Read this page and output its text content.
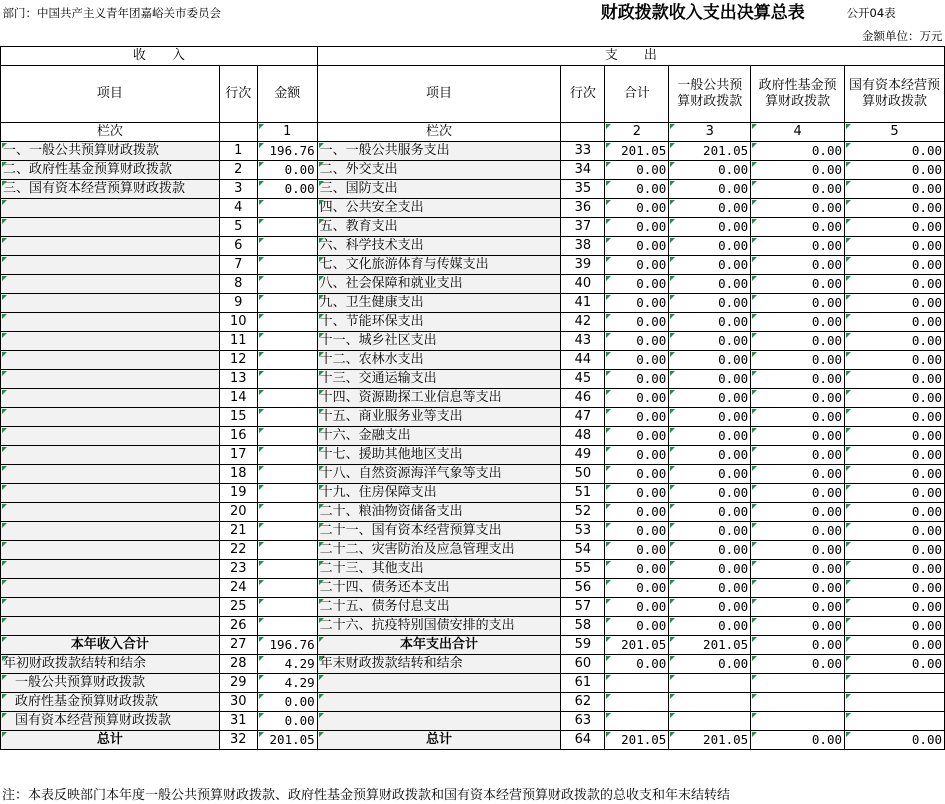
部门：中国共产主义青年团嘉峪关市委员会				财政拨款收入支出决算总表				公开04表
								金额单位：万元
收　　入			支　　出					
项目	行次	金额	项目	行次	合计	一般公共预算财政拨款	政府性基金预算财政拨款	国有资本经营预算财政拨款
栏次		1	栏次		2	3	4	5
一、一般公共预算财政拨款	1	196.76	一、一般公共服务支出	33	201.05	201.05	0.00	0.00
二、政府性基金预算财政拨款	2	0.00	二、外交支出	34	0.00	0.00	0.00	0.00
三、国有资本经营预算财政拨款	3	0.00	三、国防支出	35	0.00	0.00	0.00	0.00
	4		四、公共安全支出	36	0.00	0.00	0.00	0.00
	5		五、教育支出	37	0.00	0.00	0.00	0.00
	6		六、科学技术支出	38	0.00	0.00	0.00	0.00
	7		七、文化旅游体育与传媒支出	39	0.00	0.00	0.00	0.00
	8		八、社会保障和就业支出	40	0.00	0.00	0.00	0.00
	9		九、卫生健康支出	41	0.00	0.00	0.00	0.00
	10		十、节能环保支出	42	0.00	0.00	0.00	0.00
	11		十一、城乡社区支出	43	0.00	0.00	0.00	0.00
	12		十二、农林水支出	44	0.00	0.00	0.00	0.00
	13		十三、交通运输支出	45	0.00	0.00	0.00	0.00
	14		十四、资源勘探工业信息等支出	46	0.00	0.00	0.00	0.00
	15		十五、商业服务业等支出	47	0.00	0.00	0.00	0.00
	16		十六、金融支出	48	0.00	0.00	0.00	0.00
	17		十七、援助其他地区支出	49	0.00	0.00	0.00	0.00
	18		十八、自然资源海洋气象等支出	50	0.00	0.00	0.00	0.00
	19		十九、住房保障支出	51	0.00	0.00	0.00	0.00
	20		二十、粮油物资储备支出	52	0.00	0.00	0.00	0.00
	21		二十一、国有资本经营预算支出	53	0.00	0.00	0.00	0.00
	22		二十二、灾害防治及应急管理支出	54	0.00	0.00	0.00	0.00
	23		二十三、其他支出	55	0.00	0.00	0.00	0.00
	24		二十四、债务还本支出	56	0.00	0.00	0.00	0.00
	25		二十五、债务付息支出	57	0.00	0.00	0.00	0.00
	26		二十六、抗疫特别国债安排的支出	58	0.00	0.00	0.00	0.00
本年收入合计	27	196.76	本年支出合计	59	201.05	201.05	0.00	0.00
年初财政拨款结转和结余	28	4.29	年末财政拨款结转和结余	60	0.00	0.00	0.00	0.00
一般公共预算财政拨款	29	4.29		61				
政府性基金预算财政拨款	30	0.00		62				
国有资本经营预算财政拨款	31	0.00		63				
总计	32	201.05	总计	64	201.05	201.05	0.00	0.00
注：本表反映部门本年度一般公共预算财政拨款、政府性基金预算财政拨款和国有资本经营预算财政拨款的总收支和年末结转结
